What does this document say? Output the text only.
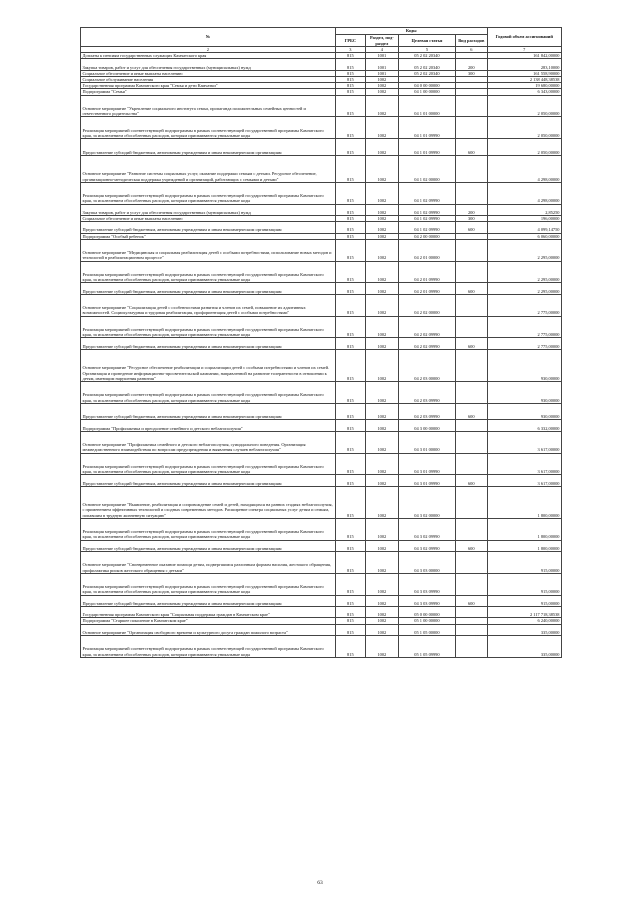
№	Коды				Годовой объем ассигнований
	ГРБС	Раздел, под-раздел	Целевая статья	Вид расходов	
2	3	4	5	6	7
Доплаты к пенсиям государственных служащих Камчатского края	815	1001	05 2 02 20340		161 842,00000
Закупка товаров, работ и услуг для обеспечения государственных (муниципальных) нужд	815	1001	05 2 02 20340	200	283,10000
Социальное обеспечение и иные выплаты населению	815	1001	05 2 02 20340	300	161 558,90000
Социальное обслуживание населения	815	1002			2 138 448,38538
Государственная программа Камчатского края "Семья и дети Камчатки"	815	1002	04 0 00 00000		19 680,00000
Подпрограмма "Семья"	815	1002	04 1 00 00000		6 343,00000
Основное мероприятие "Укрепление социального института семьи, пропаганда положительных семейных ценностей и ответственного родительства"	815	1002	04 1 01 00000		2 050,00000
Реализация мероприятий соответствующей подпрограммы в рамках соответствующей государственной программы Камчатского края, за исключением обособленных расходов, которым присваиваются уникальные коды	815	1002	04 1 01 09990		2 050,00000
Предоставление субсидий бюджетным, автономным учреждениям и иным некоммерческим организациям	815	1002	04 1 01 09990	600	2 050,00000
Основное мероприятие "Развитие системы социальных услуг, оказание поддержки семьям с детьми. Ресурсное обеспечение, организационно-методическая поддержка учреждений и организаций, работающих с семьями и детьми"	815	1002	04 1 02 00000		4 298,00000
Реализация мероприятий соответствующей подпрограммы в рамках соответствующей государственной программы Камчатского края, за исключением обособленных расходов, которым присваиваются уникальные коды	815	1002	04 1 02 09990		4 298,00000
Закупка товаров, работ и услуг для обеспечения государственных (муниципальных) нужд	815	1002	04 1 02 09990	200	2,85250
Социальное обеспечение и иные выплаты населению	815	1002	04 1 02 09990	300	196,00000
Предоставление субсидий бюджетным, автономным учреждениям и иным некоммерческим организациям	815	1002	04 1 02 09990	600	4 099,14750
Подпрограмма "Особый ребенок"	815	1002	04 2 00 00000		6 060,00000
Основное мероприятие "Медицинская и социальная реабилитация детей с особыми потребностями, использование новых методов и технологий в реабилитационном процессе"	815	1002	04 2 01 00000		2 295,00000
Реализация мероприятий соответствующей подпрограммы в рамках соответствующей государственной программы Камчатского края, за исключением обособленных расходов, которым присваиваются уникальные коды	815	1002	04 2 01 09990		2 295,00000
Предоставление субсидий бюджетным, автономным учреждениям и иным некоммерческим организациям	815	1002	04 2 01 09990	600	2 295,00000
Основное мероприятие "Социализация детей с особенностями развития и членов их семей, повышение их адаптивных возможностей. Социокультурная и трудовая реабилитация, профориентация детей с особыми потребностями"	815	1002	04 2 02 00000		2 775,00000
Реализация мероприятий соответствующей подпрограммы в рамках соответствующей государственной программы Камчатского края, за исключением обособленных расходов, которым присваиваются уникальные коды	815	1002	04 2 02 09990		2 775,00000
Предоставление субсидий бюджетным, автономным учреждениям и иным некоммерческим организациям	815	1002	04 2 02 09990	600	2 775,00000
Основное мероприятие "Ресурсное обеспечение реабилитации и социализации детей с особыми потребностями и членов их семей. Организация и проведение информационно-просветительской кампании, направленной на развитие толерантности в отношении к детям, имеющим нарушения развития"	815	1002	04 2 03 00000		930,00000
Реализация мероприятий соответствующей подпрограммы в рамках соответствующей государственной программы Камчатского края, за исключением обособленных расходов, которым присваиваются уникальные коды	815	1002	04 2 03 09990		930,00000
Предоставление субсидий бюджетным, автономным учреждениям и иным некоммерческим организациям	815	1002	04 2 03 09990	600	930,00000
Подпрограмма "Профилактика и преодоление семейного и детского неблагополучия"	815	1002	04 3 00 00000		6 332,00000
Основное мероприятие "Профилактика семейного и детского неблагополучия, суицидального поведения. Организация межведомственного взаимодействия по вопросам предупреждения и выявления случаев неблагополучия"	815	1002	04 3 01 00000		3 617,00000
Реализация мероприятий соответствующей подпрограммы в рамках соответствующей государственной программы Камчатского края, за исключением обособленных расходов, которым присваиваются уникальные коды	815	1002	04 3 01 09990		3 617,00000
Предоставление субсидий бюджетным, автономным учреждениям и иным некоммерческим организациям	815	1002	04 3 01 09990	600	3 617,00000
Основное мероприятие "Выявление, реабилитация и сопровождение семей и детей, находящихся на ранних стадиях неблагополучия, с применением эффективных технологий и сходных современных методов. Расширение спектра социальных услуг детям и семьям, попавшим в трудную жизненную ситуацию"	815	1002	04 3 02 00000		1 800,00000
Реализация мероприятий соответствующей подпрограммы в рамках соответствующей государственной программы Камчатского края, за исключением обособленных расходов, которым присваиваются уникальные коды	815	1002	04 3 02 09990		1 800,00000
Предоставление субсидий бюджетным, автономным учреждениям и иным некоммерческим организациям	815	1002	04 3 02 09990	600	1 800,00000
Основное мероприятие "Своевременное оказание помощи детям, подвергшимся различным формам насилия, жестокого обращения, профилактика рисков жестокого обращения с детьми"	815	1002	04 3 03 00000		915,00000
Реализация мероприятий соответствующей подпрограммы в рамках соответствующей государственной программы Камчатского края, за исключением обособленных расходов, которым присваиваются уникальные коды	815	1002	04 3 03 09990		915,00000
Предоставление субсидий бюджетным, автономным учреждениям и иным некоммерческим организациям	815	1002	04 3 03 09990	600	915,00000
Государственная программа Камчатского края "Социальная поддержка граждан в Камчатском крае"	815	1002	05 0 00 00000		2 117 718,38538
Подпрограмма "Старшее поколение в Камчатском крае"	815	1002	05 1 00 00000		6 240,00000
Основное мероприятие "Организация свободного времени и культурного досуга граждан пожилого возраста"	815	1002	05 1 05 00000		335,00000
Реализация мероприятий соответствующей подпрограммы в рамках соответствующей государственной программы Камчатского края, за исключением обособленных расходов, которым присваиваются уникальные коды	815	1002	05 1 05 09990		335,00000
63
